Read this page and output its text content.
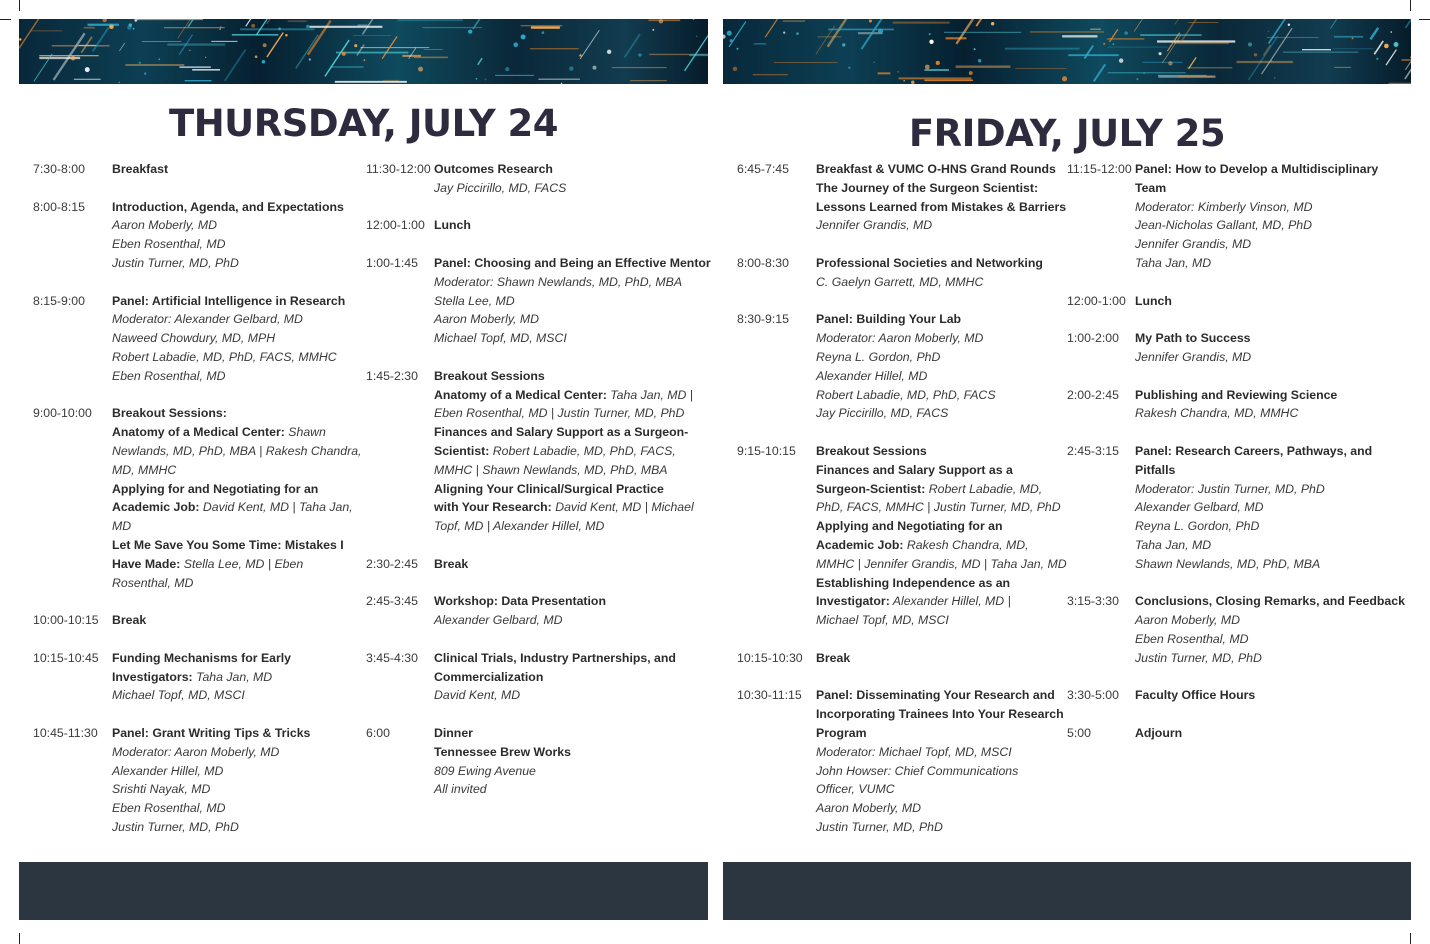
THURSDAY, JULY 24
7:30-8:00	Breakfast
8:00-8:15	Introduction, Agenda, and Expectations
Aaron Moberly, MD
Eben Rosenthal, MD
Justin Turner, MD, PhD
8:15-9:00	Panel: Artificial Intelligence in Research
Moderator: Alexander Gelbard, MD
Naweed Chowdury, MD, MPH
Robert Labadie, MD, PhD, FACS, MMHC
Eben Rosenthal, MD
9:00-10:00	Breakout Sessions:
Anatomy of a Medical Center: Shawn
Newlands, MD, PhD, MBA | Rakesh Chandra,
MD, MMHC
Applying for and Negotiating for an
Academic Job: David Kent, MD | Taha Jan,
MD
Let Me Save You Some Time: Mistakes I
Have Made: Stella Lee, MD | Eben
Rosenthal, MD
10:00-10:15	Break
10:15-10:45	Funding Mechanisms for Early
Investigators: Taha Jan, MD
Michael Topf, MD, MSCI
10:45-11:30	Panel: Grant Writing Tips & Tricks
Moderator: Aaron Moberly, MD
Alexander Hillel, MD
Srishti Nayak, MD
Eben Rosenthal, MD
Justin Turner, MD, PhD
11:30-12:00 Outcomes Research
Jay Piccirillo, MD, FACS
12:00-1:00 Lunch
1:00-1:45	Panel: Choosing and Being an Effective Mentor
Moderator: Shawn Newlands, MD, PhD, MBA
Stella Lee, MD
Aaron Moberly, MD
Michael Topf, MD, MSCI
1:45-2:30	Breakout Sessions
Anatomy of a Medical Center: Taha Jan, MD |
Eben Rosenthal, MD | Justin Turner, MD, PhD
Finances and Salary Support as a Surgeon-
Scientist: Robert Labadie, MD, PhD, FACS,
MMHC | Shawn Newlands, MD, PhD, MBA
Aligning Your Clinical/Surgical Practice
with Your Research: David Kent, MD | Michael
Topf, MD | Alexander Hillel, MD
2:30-2:45	Break
2:45-3:45	Workshop: Data Presentation
Alexander Gelbard, MD
3:45-4:30	Clinical Trials, Industry Partnerships, and Commercialization
David Kent, MD
6:00	Dinner
Tennessee Brew Works
809 Ewing Avenue
All invited
FRIDAY, JULY 25
6:45-7:45	Breakfast & VUMC O-HNS Grand Rounds The Journey of the Surgeon Scientist: Lessons Learned from Mistakes & Barriers
Jennifer Grandis, MD
8:00-8:30	Professional Societies and Networking
C. Gaelyn Garrett, MD, MMHC
8:30-9:15	Panel: Building Your Lab
Moderator: Aaron Moberly, MD
Reyna L. Gordon, PhD
Alexander Hillel, MD
Robert Labadie, MD, PhD, FACS
Jay Piccirillo, MD, FACS
9:15-10:15	Breakout Sessions
Finances and Salary Support as a
Surgeon-Scientist: Robert Labadie, MD,
PhD, FACS, MMHC | Justin Turner, MD, PhD
Applying and Negotiating for an
Academic Job: Rakesh Chandra, MD,
MMHC | Jennifer Grandis, MD | Taha Jan, MD
Establishing Independence as an
Investigator: Alexander Hillel, MD |
Michael Topf, MD, MSCI
10:15-10:30	Break
10:30-11:15	Panel: Disseminating Your Research and Incorporating Trainees Into Your Research Program
Moderator: Michael Topf, MD, MSCI
John Howser: Chief Communications
Officer, VUMC
Aaron Moberly, MD
Justin Turner, MD, PhD
11:15-12:00 Panel: How to Develop a Multidisciplinary Team
Moderator: Kimberly Vinson, MD
Jean-Nicholas Gallant, MD, PhD
Jennifer Grandis, MD
Taha Jan, MD
12:00-1:00 Lunch
1:00-2:00	My Path to Success
Jennifer Grandis, MD
2:00-2:45	Publishing and Reviewing Science
Rakesh Chandra, MD, MMHC
2:45-3:15	Panel: Research Careers, Pathways, and Pitfalls
Moderator: Justin Turner, MD, PhD
Alexander Gelbard, MD
Reyna L. Gordon, PhD
Taha Jan, MD
Shawn Newlands, MD, PhD, MBA
3:15-3:30	Conclusions, Closing Remarks, and Feedback
Aaron Moberly, MD
Eben Rosenthal, MD
Justin Turner, MD, PhD
3:30-5:00	Faculty Office Hours
5:00	Adjourn
